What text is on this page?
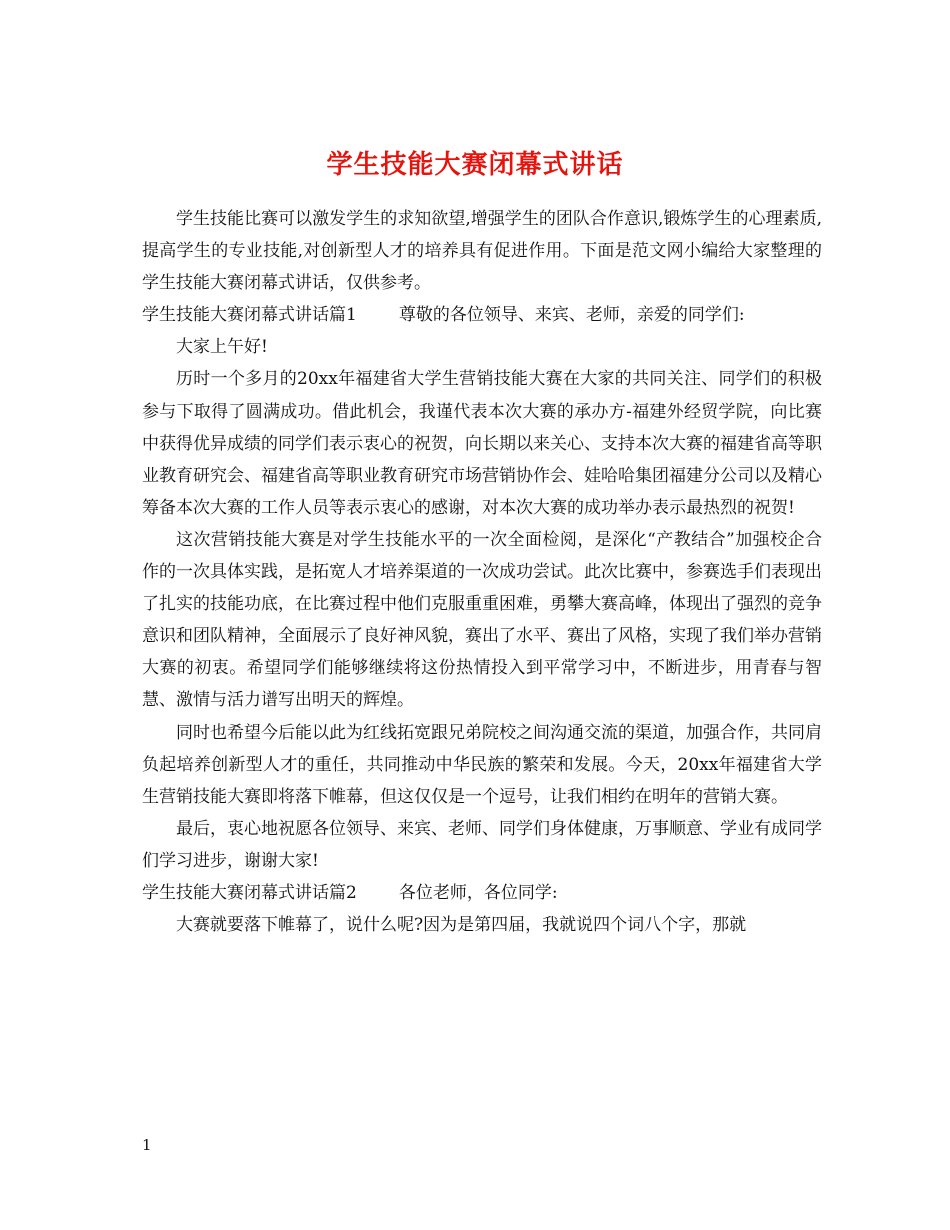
学生技能大赛闭幕式讲话

学生技能比赛可以激发学生的求知欲望,增强学生的团队合作意识,锻炼学生的心理素质,提高学生的专业技能,对创新型人才的培养具有促进作用。下面是范文网小编给大家整理的学生技能大赛闭幕式讲话，仅供参考。

学生技能大赛闭幕式讲话篇1 尊敬的各位领导、来宾、老师，亲爱的同学们:

大家上午好!

历时一个多月的20xx年福建省大学生营销技能大赛在大家的共同关注、同学们的积极参与下取得了圆满成功。借此机会，我谨代表本次大赛的承办方-福建外经贸学院，向比赛中获得优异成绩的同学们表示衷心的祝贺，向长期以来关心、支持本次大赛的福建省高等职业教育研究会、福建省高等职业教育研究市场营销协作会、娃哈哈集团福建分公司以及精心筹备本次大赛的工作人员等表示衷心的感谢，对本次大赛的成功举办表示最热烈的祝贺!

这次营销技能大赛是对学生技能水平的一次全面检阅，是深化“产教结合”加强校企合作的一次具体实践，是拓宽人才培养渠道的一次成功尝试。此次比赛中，参赛选手们表现出了扎实的技能功底，在比赛过程中他们克服重重困难，勇攀大赛高峰，体现出了强烈的竞争意识和团队精神，全面展示了良好神风貌，赛出了水平、赛出了风格，实现了我们举办营销大赛的初衷。希望同学们能够继续将这份热情投入到平常学习中，不断进步，用青春与智慧、激情与活力谱写出明天的辉煌。

同时也希望今后能以此为红线拓宽跟兄弟院校之间沟通交流的渠道，加强合作，共同肩负起培养创新型人才的重任，共同推动中华民族的繁荣和发展。今天，20xx年福建省大学生营销技能大赛即将落下帷幕，但这仅仅是一个逗号，让我们相约在明年的营销大赛。

最后，衷心地祝愿各位领导、来宾、老师、同学们身体健康，万事顺意、学业有成同学们学习进步，谢谢大家!

学生技能大赛闭幕式讲话篇2 各位老师，各位同学:

大赛就要落下帷幕了，说什么呢?因为是第四届，我就说四个词八个字，那就

1
